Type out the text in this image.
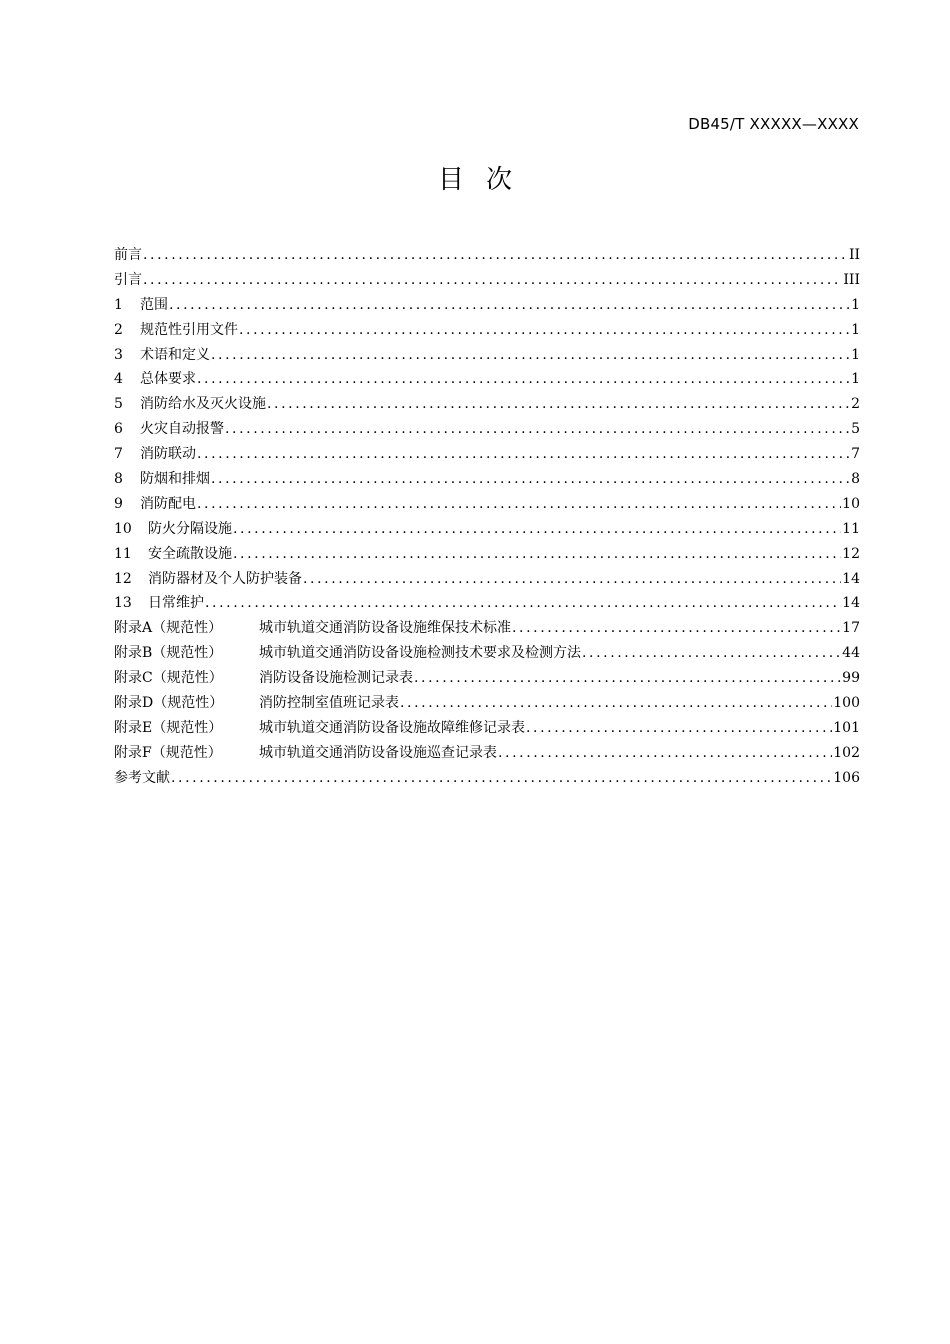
DB45/T XXXXX—XXXX
目 次
前言 .....	II
引言 .....	III
1	范围 .....	1
2	规范性引用文件 .....	1
3	术语和定义 .....	1
4	总体要求 .....	1
5	消防给水及灭火设施 .....	2
6	火灾自动报警 .....	5
7	消防联动 .....	7
8	防烟和排烟 .....	8
9	消防配电 .....	10
10	防火分隔设施 .....	11
11	安全疏散设施 .....	12
12	消防器材及个人防护装备 .....	14
13	日常维护 .....	14
附录A（规范性）	城市轨道交通消防设备设施维保技术标准 .....	17
附录B（规范性）	城市轨道交通消防设备设施检测技术要求及检测方法 .....	44
附录C（规范性）	消防设备设施检测记录表 .....	99
附录D（规范性）	消防控制室值班记录表 .....	100
附录E（规范性）	城市轨道交通消防设备设施故障维修记录表 .....	101
附录F（规范性）	城市轨道交通消防设备设施巡查记录表 .....	102
参考文献 .....	106
